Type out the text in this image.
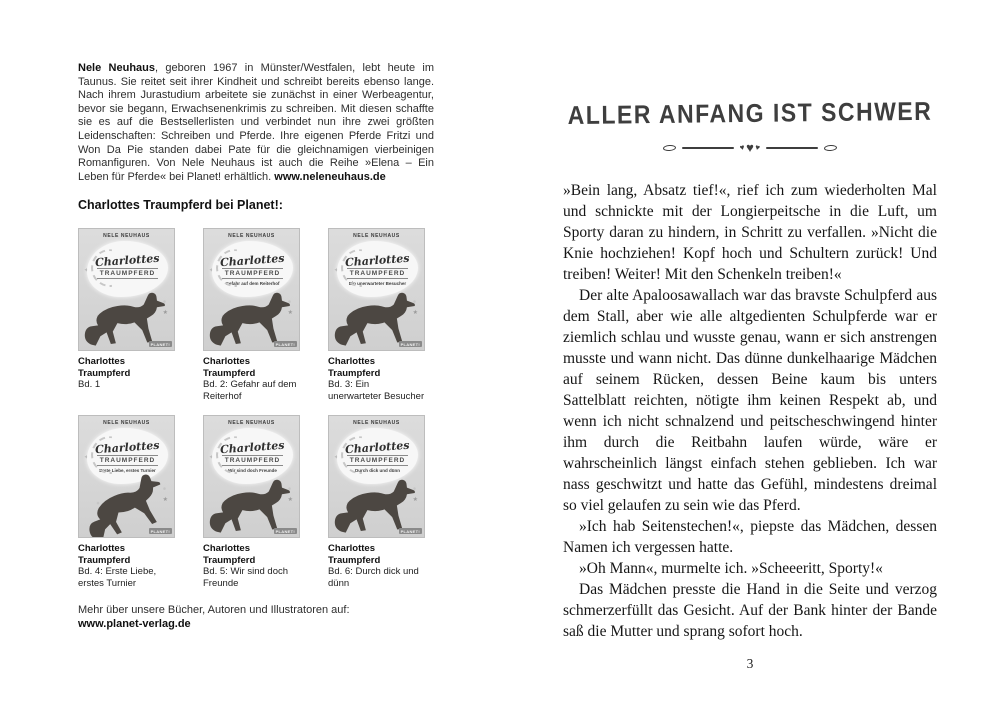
Nele Neuhaus, geboren 1967 in Münster/Westfalen, lebt heute im Taunus. Sie reitet seit ihrer Kindheit und schreibt bereits ebenso lange. Nach ihrem Jurastudium arbeitete sie zunächst in einer Werbeagentur, bevor sie begann, Erwachsenenkrimis zu schreiben. Mit diesen schaffte sie es auf die Bestsellerlisten und verbindet nun ihre zwei größten Leidenschaften: Schreiben und Pferde. Ihre eigenen Pferde Fritzi und Won Da Pie standen dabei Pate für die gleichnamigen vierbeinigen Romanfiguren. Von Nele Neuhaus ist auch die Reihe »Elena – Ein Leben für Pferde« bei Planet! erhältlich. www.neleneuhaus.de

Charlottes Traumpferd bei Planet!:
✦ NELE NEUHAUS
Charlottes
TRAUMPFERD
PLANET!
★
Charlottes Traumpferd
Bd. 1
✦ NELE NEUHAUS
Charlottes
TRAUMPFERD
Gefahr auf dem Reiterhof
PLANET!
★
Charlottes Traumpferd
Bd. 2: Gefahr auf dem Reiterhof
✦ NELE NEUHAUS
Charlottes
TRAUMPFERD
Ein unerwarteter Besucher
PLANET!
★
Charlottes Traumpferd
Bd. 3: Ein unerwarteter Besucher
✦ NELE NEUHAUS
Charlottes
TRAUMPFERD
Erste Liebe, erstes Turnier
PLANET!
★
Charlottes Traumpferd
Bd. 4: Erste Liebe, erstes Turnier
✦ NELE NEUHAUS
Charlottes
TRAUMPFERD
Wir sind doch Freunde
PLANET!
★
Charlottes Traumpferd
Bd. 5: Wir sind doch Freunde
✦ NELE NEUHAUS
Charlottes
TRAUMPFERD
Durch dick und dünn
PLANET!
★
Charlottes Traumpferd
Bd. 6: Durch dick und dünn

Mehr über unsere Bücher, Autoren und Illustratoren auf:
www.planet-verlag.de

ALLER ANFANG IST SCHWER
♥ ♥ ♥

»Bein lang, Absatz tief!«, rief ich zum wiederholten Mal und schnickte mit der Longierpeitsche in die Luft, um Sporty daran zu hindern, in Schritt zu verfallen. »Nicht die Knie hochziehen! Kopf hoch und Schultern zurück! Und treiben! Weiter! Mit den Schenkeln treiben!«

Der alte Apaloosawallach war das bravste Schulpferd aus dem Stall, aber wie alle altgedienten Schulpferde war er ziemlich schlau und wusste genau, wann er sich anstrengen musste und wann nicht. Das dünne dunkelhaarige Mädchen auf seinem Rücken, dessen Beine kaum bis unters Sattelblatt reichten, nötigte ihm keinen Respekt ab, und wenn ich nicht schnalzend und peitscheschwingend hinter ihm durch die Reitbahn laufen würde, wäre er wahrscheinlich längst einfach stehen geblieben. Ich war nass geschwitzt und hatte das Gefühl, mindestens dreimal so viel gelaufen zu sein wie das Pferd.

»Ich hab Seitenstechen!«, piepste das Mädchen, dessen Namen ich vergessen hatte.

»Oh Mann«, murmelte ich. »Scheeeritt, Sporty!«

Das Mädchen presste die Hand in die Seite und verzog schmerzerfüllt das Gesicht. Auf der Bank hinter der Bande saß die Mutter und sprang sofort hoch.

3
